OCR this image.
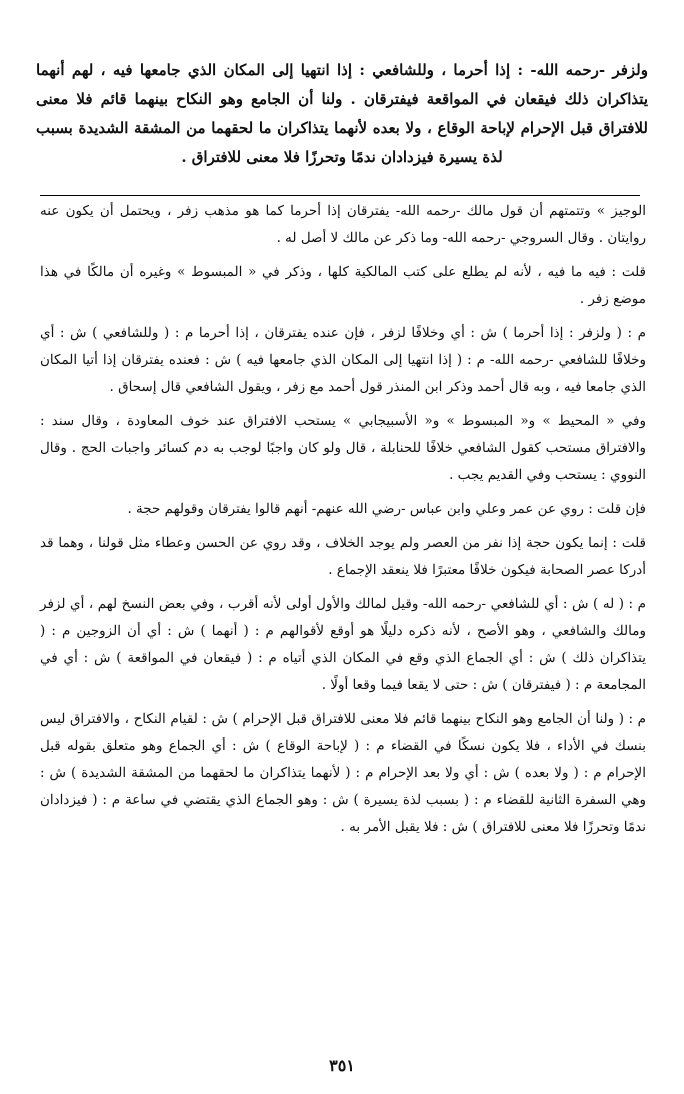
ولزفر -رحمه الله- : إذا أحرما ، وللشافعي : إذا انتهيا إلى المكان الذي جامعها فيه ، لهم أنهما يتذاكران ذلك فيقعان في المواقعة فيفترقان . ولنا أن الجامع وهو النكاح بينهما قائم فلا معنى للافتراق قبل الإحرام لإباحة الوقاع ، ولا بعده لأنهما يتذاكران ما لحقهما من المشقة الشديدة بسبب لذة يسيرة فيزدادان ندمًا وتحرزًا فلا معنى للافتراق .

الوجيز » وتتمتهم أن قول مالك -رحمه الله- يفترقان إذا أحرما كما هو مذهب زفر ، ويحتمل أن يكون عنه روايتان . وقال السروجي -رحمه الله- وما ذكر عن مالك لا أصل له .

قلت : فيه ما فيه ، لأنه لم يطلع على كتب المالكية كلها ، وذكر في « المبسوط » وغيره أن مالكًا في هذا موضع زفر .

م : ( ولزفر : إذا أحرما ) ش : أي وخلافًا لزفر ، فإن عنده يفترقان ، إذا أحرما م : ( وللشافعي ) ش : أي وخلافًا للشافعي -رحمه الله- م : ( إذا انتهيا إلى المكان الذي جامعها فيه ) ش : فعنده يفترقان إذا أتيا المكان الذي جامعا فيه ، وبه قال أحمد وذكر ابن المنذر قول أحمد مع زفر ، ويقول الشافعي قال إسحاق .

وفي « المحيط » و« المبسوط » و« الأسبيجابي » يستحب الافتراق عند خوف المعاودة ، وقال سند : والافتراق مستحب كقول الشافعي خلافًا للحنابلة ، قال ولو كان واجبًا لوجب به دم كسائر واجبات الحج . وقال النووي : يستحب وفي القديم يجب .

فإن قلت : روي عن عمر وعلي وابن عباس -رضي الله عنهم- أنهم قالوا يفترقان وقولهم حجة .

قلت : إنما يكون حجة إذا نفر من العصر ولم يوجد الخلاف ، وقد روي عن الحسن وعطاء مثل قولنا ، وهما قد أدركا عصر الصحابة فيكون خلافًا معتبرًا فلا ينعقد الإجماع .

م : ( له ) ش : أي للشافعي -رحمه الله- وقيل لمالك والأول أولى لأنه أقرب ، وفي بعض النسخ لهم ، أي لزفر ومالك والشافعي ، وهو الأصح ، لأنه ذكره دليلًا هو أوقع لأقوالهم م : ( أنهما ) ش : أي أن الزوجين م : ( يتذاكران ذلك ) ش : أي الجماع الذي وقع في المكان الذي أتياه م : ( فيقعان في المواقعة ) ش : أي في المجامعة م : ( فيفترقان ) ش : حتى لا يقعا فيما وقعا أولًا .

م : ( ولنا أن الجامع وهو النكاح بينهما قائم فلا معنى للافتراق قبل الإحرام ) ش : لقيام النكاح ، والافتراق ليس بنسك في الأداء ، فلا يكون نسكًا في القضاء م : ( لإباحة الوقاع ) ش : أي الجماع وهو متعلق بقوله قبل الإحرام م : ( ولا بعده ) ش : أي ولا بعد الإحرام م : ( لأنهما يتذاكران ما لحقهما من المشقة الشديدة ) ش : وهي السفرة الثانية للقضاء م : ( بسبب لذة يسيرة ) ش : وهو الجماع الذي يقتضي في ساعة م : ( فيزدادان ندمًا وتحرزًا فلا معنى للافتراق ) ش : فلا يقبل الأمر به .

٣٥١
